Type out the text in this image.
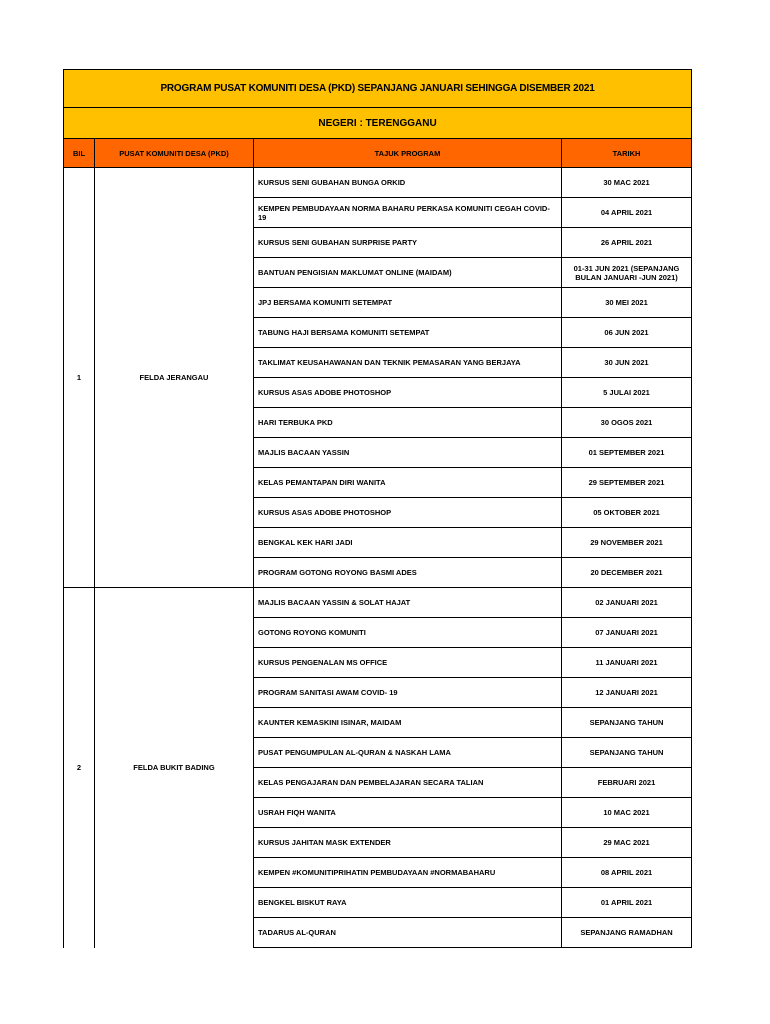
PROGRAM PUSAT KOMUNITI DESA (PKD) SEPANJANG JANUARI SEHINGGA DISEMBER 2021			
NEGERI : TERENGGANU			
BIL	PUSAT KOMUNITI DESA (PKD)	TAJUK PROGRAM	TARIKH
1	FELDA JERANGAU	KURSUS SENI GUBAHAN BUNGA ORKID	30 MAC 2021
		KEMPEN PEMBUDAYAAN NORMA BAHARU PERKASA KOMUNITI CEGAH COVID-19	04 APRIL 2021
		KURSUS SENI GUBAHAN SURPRISE PARTY	26 APRIL 2021
		BANTUAN PENGISIAN MAKLUMAT ONLINE (MAIDAM)	01-31 JUN 2021 (SEPANJANG BULAN JANUARI -JUN 2021)
		JPJ BERSAMA KOMUNITI SETEMPAT	30 MEI 2021
		TABUNG HAJI BERSAMA KOMUNITI SETEMPAT	06 JUN 2021
		TAKLIMAT KEUSAHAWANAN DAN TEKNIK PEMASARAN YANG BERJAYA	30 JUN 2021
		KURSUS ASAS ADOBE PHOTOSHOP	5 JULAI 2021
		HARI TERBUKA PKD	30 OGOS 2021
		MAJLIS BACAAN YASSIN	01 SEPTEMBER 2021
		KELAS PEMANTAPAN DIRI WANITA	29 SEPTEMBER 2021
		KURSUS ASAS ADOBE PHOTOSHOP	05 OKTOBER 2021
		BENGKAL KEK HARI JADI	29 NOVEMBER 2021
		PROGRAM GOTONG ROYONG BASMI ADES	20 DECEMBER 2021
2	FELDA BUKIT BADING	MAJLIS BACAAN YASSIN & SOLAT HAJAT	02 JANUARI 2021
		GOTONG ROYONG KOMUNITI	07 JANUARI 2021
		KURSUS PENGENALAN MS OFFICE	11 JANUARI 2021
		PROGRAM SANITASI AWAM COVID- 19	12 JANUARI 2021
		KAUNTER KEMASKINI ISINAR, MAIDAM	SEPANJANG TAHUN
		PUSAT PENGUMPULAN AL-QURAN & NASKAH LAMA	SEPANJANG TAHUN
		KELAS PENGAJARAN DAN PEMBELAJARAN SECARA TALIAN	FEBRUARI 2021
		USRAH FIQH WANITA	10 MAC 2021
		KURSUS JAHITAN MASK EXTENDER	29 MAC 2021
		KEMPEN #KOMUNITIPRIHATIN PEMBUDAYAAN #NORMABAHARU	08 APRIL 2021
		BENGKEL BISKUT RAYA	01 APRIL 2021
		TADARUS AL-QURAN	SEPANJANG RAMADHAN
